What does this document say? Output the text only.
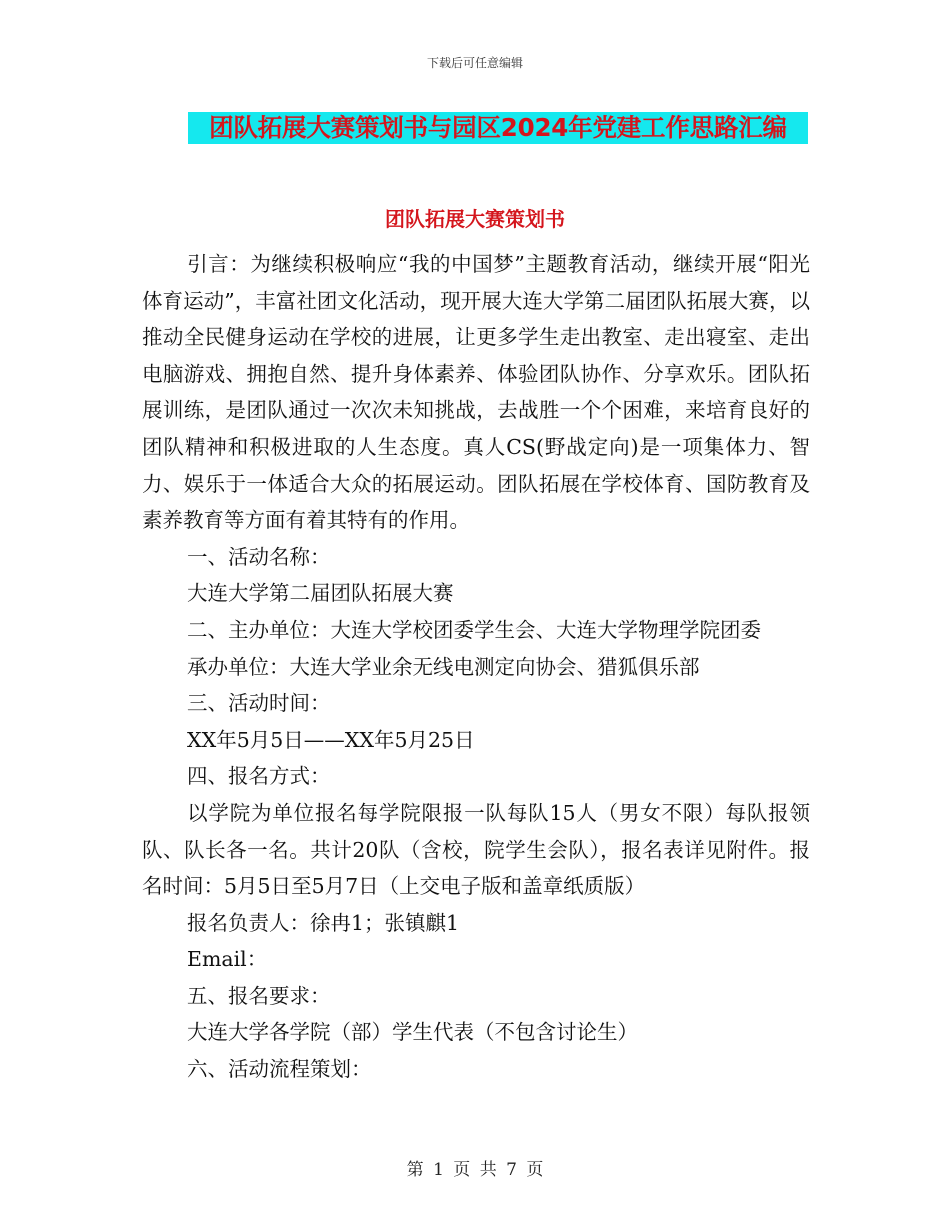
下载后可任意编辑
团队拓展大赛策划书与园区2024年党建工作思路汇编
团队拓展大赛策划书

引言：为继续积极响应“我的中国梦”主题教育活动，继续开展“阳光体育运动”，丰富社团文化活动，现开展大连大学第二届团队拓展大赛，以推动全民健身运动在学校的进展，让更多学生走出教室、走出寝室、走出电脑游戏、拥抱自然、提升身体素养、体验团队协作、分享欢乐。团队拓展训练，是团队通过一次次未知挑战，去战胜一个个困难，来培育良好的团队精神和积极进取的人生态度。真人CS(野战定向)是一项集体力、智力、娱乐于一体适合大众的拓展运动。团队拓展在学校体育、国防教育及素养教育等方面有着其特有的作用。

一、活动名称：

大连大学第二届团队拓展大赛

二、主办单位：大连大学校团委学生会、大连大学物理学院团委

承办单位：大连大学业余无线电测定向协会、猎狐俱乐部

三、活动时间：

XX年5月5日——XX年5月25日

四、报名方式：

以学院为单位报名每学院限报一队每队15人（男女不限）每队报领队、队长各一名。共计20队（含校，院学生会队），报名表详见附件。报名时间：5月5日至5月7日（上交电子版和盖章纸质版）

报名负责人：徐冉1；张镇麒1

Email：

五、报名要求：

大连大学各学院（部）学生代表（不包含讨论生）

六、活动流程策划：

第 1 页 共 7 页
